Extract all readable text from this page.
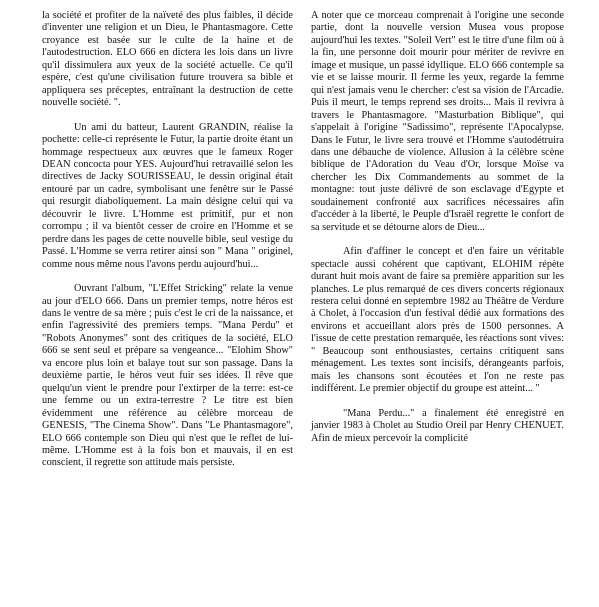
la société et profiter de la naïveté des plus faibles, il décide d'inventer une religion et un Dieu, le Phantasmagore. Cette croyance est basée sur le culte de la haine et de l'autodestruction. ELO 666 en dictera les lois dans un livre qu'il dissimulera aux yeux de la société actuelle. Ce qu'il espère, c'est qu'une civilisation future trouvera sa bible et appliquera ses préceptes, entraînant la destruction de cette nouvelle société. ".

Un ami du batteur, Laurent GRANDIN, réalise la pochette: celle-ci représente le Futur, la partie droite étant un hommage respectueux aux œuvres que le fameux Roger DEAN concocta pour YES. Aujourd'hui retravaillé selon les directives de Jacky SOURISSEAU, le dessin original était entouré par un cadre, symbolisant une fenêtre sur le Passé qui resurgit diaboliquement. La main désigne celui qui va découvrir le livre. L'Homme est primitif, pur et non corrompu ; il va bientôt cesser de croire en l'Homme et se perdre dans les pages de cette nouvelle bible, seul vestige du Passé. L'Homme se verra retirer ainsi son " Mana " originel, comme nous même nous l'avons perdu aujourd'hui...

Ouvrant l'album, "L'Effet Stricking" relate la venue au jour d'ELO 666. Dans un premier temps, notre héros est dans le ventre de sa mère ; puis c'est le cri de la naissance, et enfin l'agressivité des premiers temps. "Mana Perdu" et "Robots Anonymes" sont des critiques de la société, ELO 666 se sent seul et prépare sa vengeance... "Elohim Show" va encore plus loin et balaye tout sur son passage. Dans la deuxième partie, le héros veut fuir ses idées. Il rêve que quelqu'un vient le prendre pour l'extirper de la terre: est-ce une femme ou un extra-terrestre ? Le titre est bien évidemment une référence au célèbre morceau de GENESIS, "The Cinema Show". Dans "Le Phantasmagore", ELO 666 contemple son Dieu qui n'est que le reflet de lui-même. L'Homme est à la fois bon et mauvais, il en est conscient, il regrette son attitude mais persiste.

A noter que ce morceau comprenait à l'origine une seconde partie, dont la nouvelle version Musea vous propose aujourd'hui les textes. "Soleil Vert" est le titre d'une film où à la fin, une personne doit mourir pour mériter de revivre en image et musique, un passé idyllique. ELO 666 contemple sa vie et se laisse mourir. Il ferme les yeux, regarde la femme qui n'est jamais venu le chercher: c'est sa vision de l'Arcadie. Puis il meurt, le temps reprend ses droits... Mais il revivra à travers le Phantasmagore. "Masturbation Biblique", qui s'appelait à l'origine "Sadissimo", représente l'Apocalypse. Dans le Futur, le livre sera trouvé et l'Homme s'autodétruira dans une débauche de violence. Allusion à la célèbre scène biblique de l'Adoration du Veau d'Or, lorsque Moïse va chercher les Dix Commandements au sommet de la montagne: tout juste délivré de son esclavage d'Egypte et soudainement confronté aux sacrifices nécessaires afin d'accéder à la liberté, le Peuple d'Israël regrette le confort de sa servitude et se détourne alors de Dieu...

Afin d'affiner le concept et d'en faire un véritable spectacle aussi cohérent que captivant, ELOHIM répète durant huit mois avant de faire sa première apparition sur les planches. Le plus remarqué de ces divers concerts régionaux restera celui donné en septembre 1982 au Théâtre de Verdure à Cholet, à l'occasion d'un festival dédié aux formations des environs et accueillant alors près de 1500 personnes. A l'issue de cette prestation remarquée, les réactions sont vives: " Beaucoup sont enthousiastes, certains critiquent sans ménagement. Les textes sont incisifs, dérangeants parfois, mais les chansons sont écoutées et l'on ne reste pas indifférent. Le premier objectif du groupe est atteint... "

"Mana Perdu..." a finalement été enregistré en janvier 1983 à Cholet au Studio Oreil par Henry CHENUET. Afin de mieux percevoir la complicité
